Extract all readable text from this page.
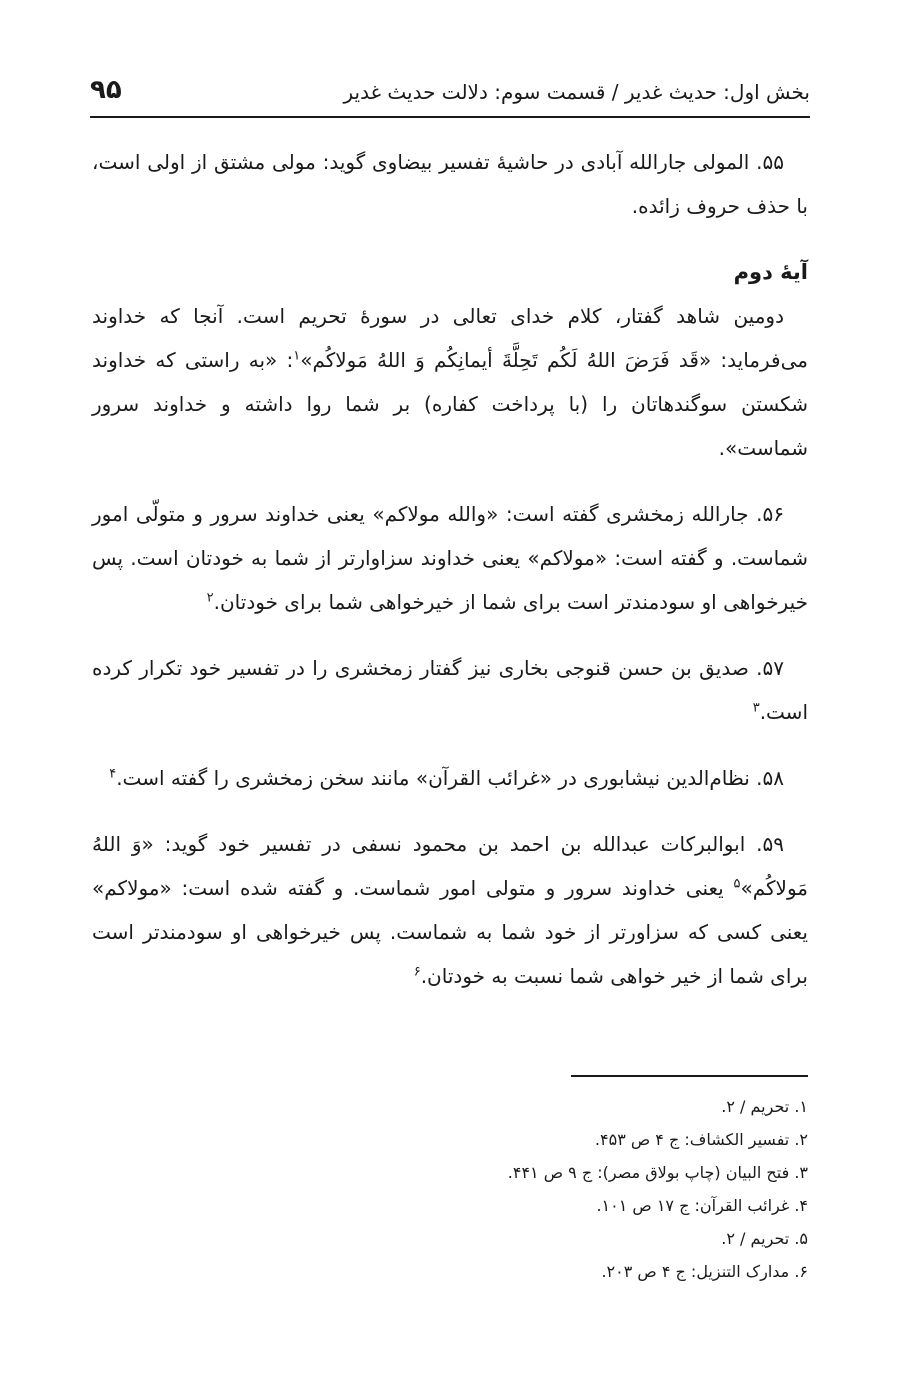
بخش اول: حدیث غدیر / قسمت سوم: دلالت حدیث غدیر
۹۵

۵۵. المولی جارالله آبادی در حاشیهٔ تفسیر بیضاوی گوید: مولی مشتق از اولی است، با حذف حروف زائده.

آیهٔ دوم

دومین شاهد گفتار، کلام خدای تعالی در سورهٔ تحریم است. آنجا که خداوند می‌فرماید: «قَد فَرَضَ اللهُ لَکُم تَحِلَّةَ أیمانِکُم وَ اللهُ مَولاکُم»$^۱$: «به راستی که خداوند شکستن سوگندهاتان را (با پرداخت کفاره) بر شما روا داشته و خداوند سرور شماست».

۵۶. جارالله زمخشری گفته است: «والله مولاکم» یعنی خداوند سرور و متولّی امور شماست. و گفته است: «مولاکم» یعنی خداوند سزاوارتر از شما به خودتان است. پس خیرخواهی او سودمندتر است برای شما از خیرخواهی شما برای خودتان.$^۲$

۵۷. صدیق بن حسن قنوجی بخاری نیز گفتار زمخشری را در تفسیر خود تکرار کرده است.$^۳$

۵۸. نظام‌الدین نیشابوری در «غرائب القرآن» مانند سخن زمخشری را گفته است.$^۴$

۵۹. ابوالبرکات عبدالله بن احمد بن محمود نسفی در تفسیر خود گوید: «وَ اللهُ مَولاکُم»$^۵$ یعنی خداوند سرور و متولی امور شماست. و گفته شده است: «مولاکم» یعنی کسی که سزاورتر از خود شما به شماست. پس خیرخواهی او سودمندتر است برای شما از خیر خواهی شما نسبت به خودتان.$^۶$

۱. تحریم / ۲.

۲. تفسیر الکشاف: ج ۴ ص ۴۵۳.

۳. فتح البیان (چاپ بولاق مصر): ج ۹ ص ۴۴۱.

۴. غرائب القرآن: ج ۱۷ ص ۱۰۱.

۵. تحریم / ۲.

۶. مدارک التنزیل: ج ۴ ص ۲۰۳.
